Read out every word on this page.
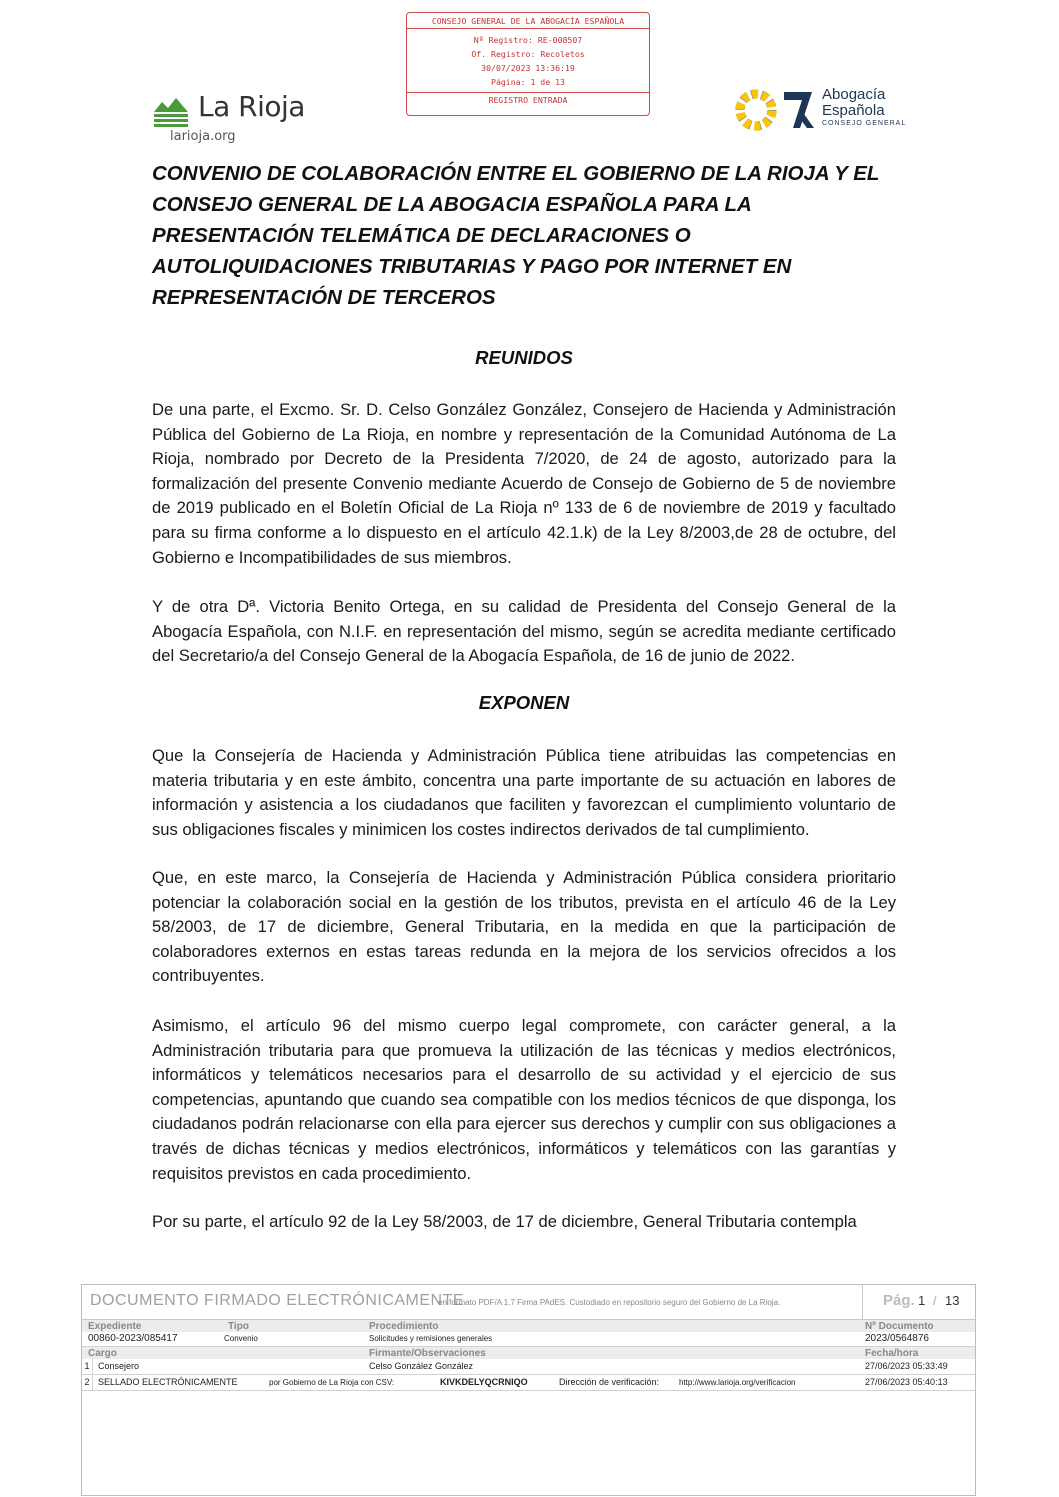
CONSEJO GENERAL DE LA ABOGACÍA ESPAÑOLA
Nº Registro: RE-008507
Of. Registro: Recoletos
30/07/2023 13:36:19
Página: 1 de 13
REGISTRO ENTRADA
La Rioja
larioja.org
Abogacía
Española
CONSEJO GENERAL
CONVENIO DE COLABORACIÓN ENTRE EL GOBIERNO DE LA RIOJA Y EL CONSEJO GENERAL DE LA ABOGACIA ESPAÑOLA PARA LA PRESENTACIÓN TELEMÁTICA DE DECLARACIONES O AUTOLIQUIDACIONES TRIBUTARIAS Y PAGO POR INTERNET EN REPRESENTACIÓN DE TERCEROS
REUNIDOS

De una parte, el Excmo. Sr. D. Celso González González, Consejero de Hacienda y Administración Pública del Gobierno de La Rioja, en nombre y representación de la Comunidad Autónoma de La Rioja, nombrado por Decreto de la Presidenta 7/2020, de 24 de agosto, autorizado para la formalización del presente Convenio mediante Acuerdo de Consejo de Gobierno de 5 de noviembre de 2019 publicado en el Boletín Oficial de La Rioja nº 133 de 6 de noviembre de 2019 y facultado para su firma conforme a lo dispuesto en el artículo 42.1.k) de la Ley 8/2003,de 28 de octubre, del Gobierno e Incompatibilidades de sus miembros.

Y de otra Dª. Victoria Benito Ortega, en su calidad de Presidenta del Consejo General de la Abogacía Española, con N.I.F. en representación del mismo, según se acredita mediante certificado del Secretario/a del Consejo General de la Abogacía Española, de 16 de junio de 2022.

EXPONEN

Que la Consejería de Hacienda y Administración Pública tiene atribuidas las competencias en materia tributaria y en este ámbito, concentra una parte importante de su actuación en labores de información y asistencia a los ciudadanos que faciliten y favorezcan el cumplimiento voluntario de sus obligaciones fiscales y minimicen los costes indirectos derivados de tal cumplimiento.

Que, en este marco, la Consejería de Hacienda y Administración Pública considera prioritario potenciar la colaboración social en la gestión de los tributos, prevista en el artículo 46 de la Ley 58/2003, de 17 de diciembre, General Tributaria, en la medida en que la participación de colaboradores externos en estas tareas redunda en la mejora de los servicios ofrecidos a los contribuyentes.

Asimismo, el artículo 96 del mismo cuerpo legal compromete, con carácter general, a la Administración tributaria para que promueva la utilización de las técnicas y medios electrónicos, informáticos y telemáticos necesarios para el desarrollo de su actividad y el ejercicio de sus competencias, apuntando que cuando sea compatible con los medios técnicos de que disponga, los ciudadanos podrán relacionarse con ella para ejercer sus derechos y cumplir con sus obligaciones a través de dichas técnicas y medios electrónicos, informáticos y telemáticos con las garantías y requisitos previstos en cada procedimiento.

Por su parte, el artículo 92 de la Ley 58/2003, de 17 de diciembre, General Tributaria contempla

DOCUMENTO FIRMADO ELECTRÓNICAMENTE
en formato PDF/A 1.7 Firma PAdES. Custodiado en repositorio seguro del Gobierno de La Rioja.	Pág. 1 / 13
Expediente	Tipo	Procedimiento	Nº Documento
00860-2023/085417	Convenio	Solicitudes y remisiones generales	2023/0564876
Cargo	Firmante/Observaciones	Fecha/hora
1 Consejero	Celso González González	27/06/2023 05:33:49
2 SELLADO ELECTRÓNICAMENTE	por Gobierno de La Rioja con CSV:	KIVKDELYQCRNIQO	Dirección de verificación: http://www.larioja.org/verificacion	27/06/2023 05:40:13
